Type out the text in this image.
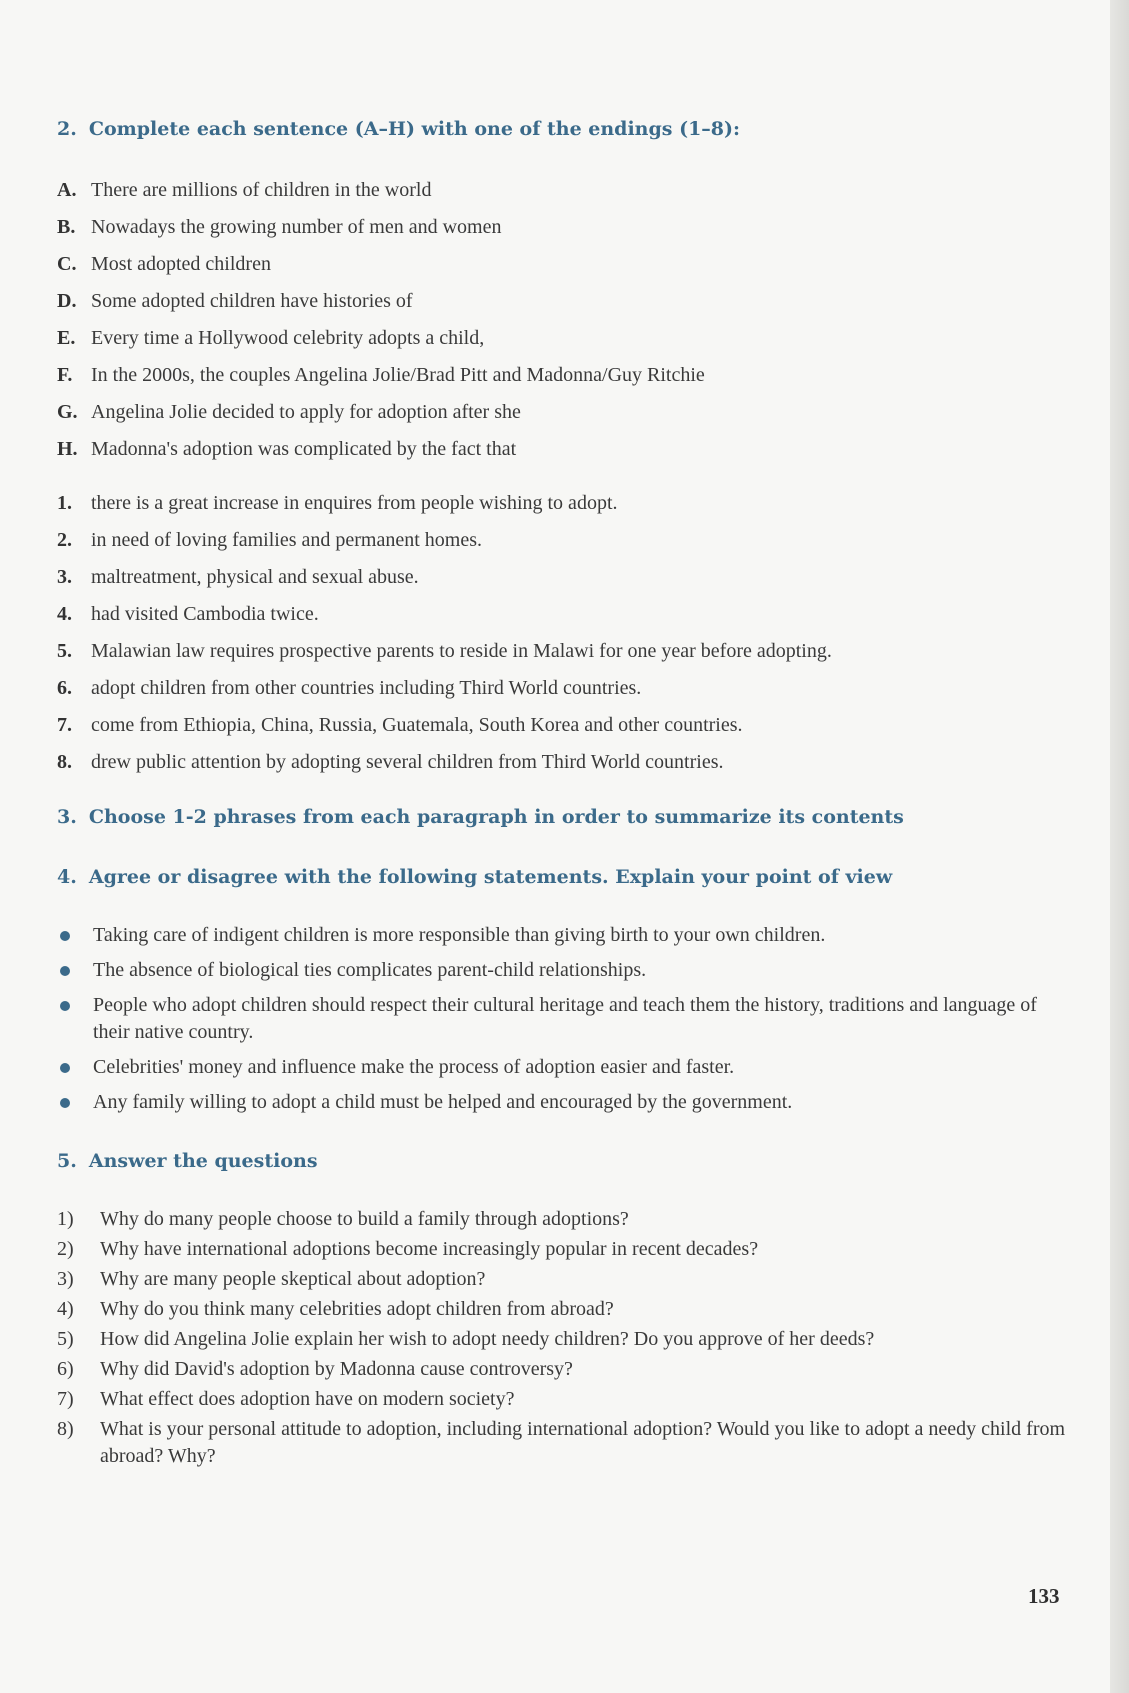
2. Complete each sentence (A–H) with one of the endings (1–8):
A. There are millions of children in the world
B. Nowadays the growing number of men and women
C. Most adopted children
D. Some adopted children have histories of
E. Every time a Hollywood celebrity adopts a child,
F. In the 2000s, the couples Angelina Jolie/Brad Pitt and Madonna/Guy Ritchie
G. Angelina Jolie decided to apply for adoption after she
H. Madonna's adoption was complicated by the fact that
1. there is a great increase in enquires from people wishing to adopt.
2. in need of loving families and permanent homes.
3. maltreatment, physical and sexual abuse.
4. had visited Cambodia twice.
5. Malawian law requires prospective parents to reside in Malawi for one year before adopting.
6. adopt children from other countries including Third World countries.
7. come from Ethiopia, China, Russia, Guatemala, South Korea and other countries.
8. drew public attention by adopting several children from Third World countries.
3. Choose 1-2 phrases from each paragraph in order to summarize its contents
4. Agree or disagree with the following statements. Explain your point of view
Taking care of indigent children is more responsible than giving birth to your own children.
The absence of biological ties complicates parent-child relationships.
People who adopt children should respect their cultural heritage and teach them the history, traditions and language of their native country.
Celebrities' money and influence make the process of adoption easier and faster.
Any family willing to adopt a child must be helped and encouraged by the government.
5. Answer the questions
1)	Why do many people choose to build a family through adoptions?
2)	Why have international adoptions become increasingly popular in recent decades?
3)	Why are many people skeptical about adoption?
4)	Why do you think many celebrities adopt children from abroad?
5)	How did Angelina Jolie explain her wish to adopt needy children? Do you approve of her deeds?
6)	Why did David's adoption by Madonna cause controversy?
7)	What effect does adoption have on modern society?
8)	What is your personal attitude to adoption, including international adoption? Would you like to adopt a needy child from abroad? Why?
133
